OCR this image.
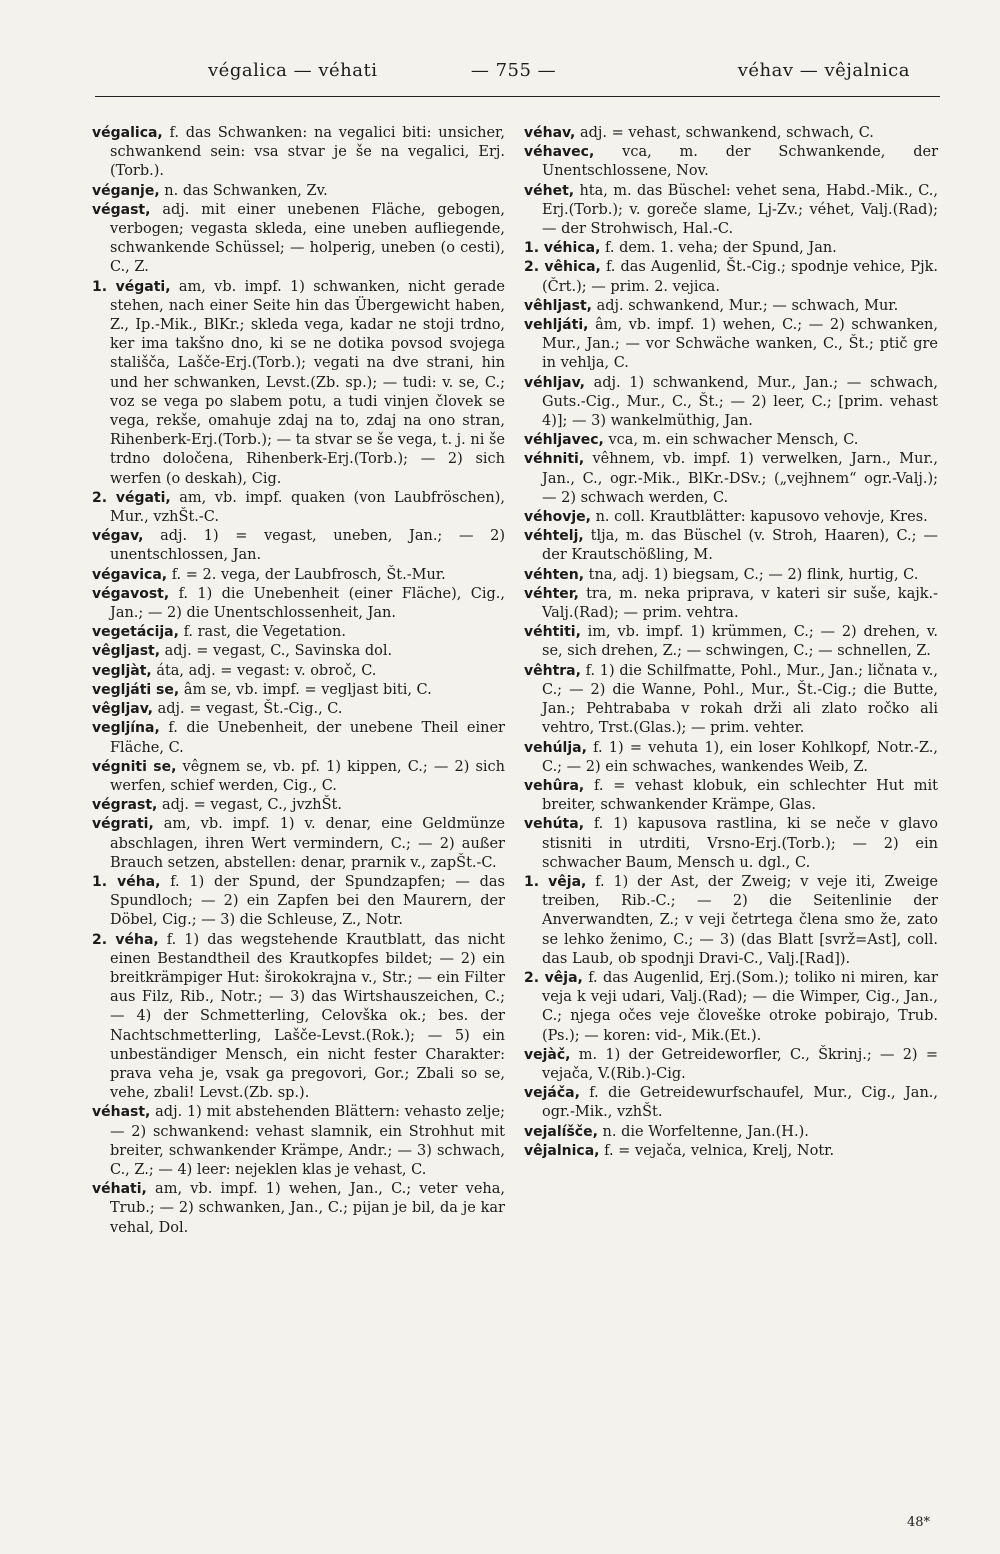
végalica — véhati	— 755 —	véhav — vêjalnica

végalica, f. das Schwanken: na vegalici biti: unsicher, schwankend sein: vsa stvar je še na vegalici, Erj.(Torb.).

véganje, n. das Schwanken, Zv.

végast, adj. mit einer unebenen Fläche, gebogen, verbogen; vegasta skleda, eine uneben aufliegende, schwankende Schüssel; — holperig, uneben (o cesti), C., Z.

1. végati, am, vb. impf. 1) schwanken, nicht gerade stehen, nach einer Seite hin das Übergewicht haben, Z., Ip.-Mik., BlKr.; skleda vega, kadar ne stoji trdno, ker ima takšno dno, ki se ne dotika povsod svojega stališča, Lašče-Erj.(Torb.); vegati na dve strani, hin und her schwanken, Levst.(Zb. sp.); — tudi: v. se, C.; voz se vega po slabem potu, a tudi vinjen človek se vega, rekše, omahuje zdaj na to, zdaj na ono stran, Rihenberk-Erj.(Torb.); — ta stvar se še vega, t. j. ni še trdno določena, Rihenberk-Erj.(Torb.); — 2) sich werfen (o deskah), Cig.

2. végati, am, vb. impf. quaken (von Laubfröschen), Mur., vzhŠt.-C.

végav, adj. 1) = vegast, uneben, Jan.; — 2) unentschlossen, Jan.

végavica, f. = 2. vega, der Laubfrosch, Št.-Mur.

végavost, f. 1) die Unebenheit (einer Fläche), Cig., Jan.; — 2) die Unentschlossenheit, Jan.

vegetácija, f. rast, die Vegetation.

vêgljast, adj. = vegast, C., Savinska dol.

vegljàt, áta, adj. = vegast: v. obroč, C.

vegljáti se, âm se, vb. impf. = vegljast biti, C.

vêgljav, adj. = vegast, Št.-Cig., C.

vegljína, f. die Unebenheit, der unebene Theil einer Fläche, C.

végniti se, vêgnem se, vb. pf. 1) kippen, C.; — 2) sich werfen, schief werden, Cig., C.

végrast, adj. = vegast, C., jvzhŠt.

végrati, am, vb. impf. 1) v. denar, eine Geldmünze abschlagen, ihren Wert vermindern, C.; — 2) außer Brauch setzen, abstellen: denar, prarnik v., zapŠt.-C.

1. véha, f. 1) der Spund, der Spundzapfen; — das Spundloch; — 2) ein Zapfen bei den Maurern, der Döbel, Cig.; — 3) die Schleuse, Z., Notr.

2. véha, f. 1) das wegstehende Krautblatt, das nicht einen Bestandtheil des Krautkopfes bildet; — 2) ein breitkrämpiger Hut: širokokrajna v., Str.; — ein Filter aus Filz, Rib., Notr.; — 3) das Wirtshauszeichen, C.; — 4) der Schmetterling, Celovška ok.; bes. der Nachtschmetterling, Lašče-Levst.(Rok.); — 5) ein unbeständiger Mensch, ein nicht fester Charakter: prava veha je, vsak ga pregovori, Gor.; Zbali so se, vehe, zbali! Levst.(Zb. sp.).

véhast, adj. 1) mit abstehenden Blättern: vehasto zelje; — 2) schwankend: vehast slamnik, ein Strohhut mit breiter, schwankender Krämpe, Andr.; — 3) schwach, C., Z.; — 4) leer: nejeklen klas je vehast, C.

véhati, am, vb. impf. 1) wehen, Jan., C.; veter veha, Trub.; — 2) schwanken, Jan., C.; pijan je bil, da je kar vehal, Dol.

véhav, adj. = vehast, schwankend, schwach, C.

véhavec, vca, m. der Schwankende, der Unentschlossene, Nov.

véhet, hta, m. das Büschel: vehet sena, Habd.-Mik., C., Erj.(Torb.); v. goreče slame, Lj-Zv.; véhet, Valj.(Rad); — der Strohwisch, Hal.-C.

1. véhica, f. dem. 1. veha; der Spund, Jan.

2. vêhica, f. das Augenlid, Št.-Cig.; spodnje vehice, Pjk.(Črt.); — prim. 2. vejica.

vêhljast, adj. schwankend, Mur.; — schwach, Mur.

vehljáti, âm, vb. impf. 1) wehen, C.; — 2) schwanken, Mur., Jan.; — vor Schwäche wanken, C., Št.; ptič gre in vehlja, C.

véhljav, adj. 1) schwankend, Mur., Jan.; — schwach, Guts.-Cig., Mur., C., Št.; — 2) leer, C.; [prim. vehast 4)]; — 3) wankelmüthig, Jan.

véhljavec, vca, m. ein schwacher Mensch, C.

véhniti, vêhnem, vb. impf. 1) verwelken, Jarn., Mur., Jan., C., ogr.-Mik., BlKr.-DSv.; („vejhnem“ ogr.-Valj.); — 2) schwach werden, C.

véhovje, n. coll. Krautblätter: kapusovo vehovje, Kres.

véhtelj, tlja, m. das Büschel (v. Stroh, Haaren), C.; — der Krautschößling, M.

véhten, tna, adj. 1) biegsam, C.; — 2) flink, hurtig, C.

véhter, tra, m. neka priprava, v kateri sir suše, kajk.-Valj.(Rad); — prim. vehtra.

véhtiti, im, vb. impf. 1) krümmen, C.; — 2) drehen, v. se, sich drehen, Z.; — schwingen, C.; — schnellen, Z.

vêhtra, f. 1) die Schilfmatte, Pohl., Mur., Jan.; ličnata v., C.; — 2) die Wanne, Pohl., Mur., Št.-Cig.; die Butte, Jan.; Pehtrababa v rokah drži ali zlato ročko ali vehtro, Trst.(Glas.); — prim. vehter.

vehúlja, f. 1) = vehuta 1), ein loser Kohlkopf, Notr.-Z., C.; — 2) ein schwaches, wankendes Weib, Z.

vehûra, f. = vehast klobuk, ein schlechter Hut mit breiter, schwankender Krämpe, Glas.

vehúta, f. 1) kapusova rastlina, ki se neče v glavo stisniti in utrditi, Vrsno-Erj.(Torb.); — 2) ein schwacher Baum, Mensch u. dgl., C.

1. vêja, f. 1) der Ast, der Zweig; v veje iti, Zweige treiben, Rib.-C.; — 2) die Seitenlinie der Anverwandten, Z.; v veji četrtega člena smo že, zato se lehko ženimo, C.; — 3) (das Blatt [svrž=Ast], coll. das Laub, ob spodnji Dravi-C., Valj.[Rad]).

2. vêja, f. das Augenlid, Erj.(Som.); toliko ni miren, kar veja k veji udari, Valj.(Rad); — die Wimper, Cig., Jan., C.; njega očes veje človeške otroke pobirajo, Trub.(Ps.); — koren: vid-, Mik.(Et.).

vejàč, m. 1) der Getreideworfler, C., Škrinj.; — 2) = vejača, V.(Rib.)-Cig.

vejáča, f. die Getreidewurfschaufel, Mur., Cig., Jan., ogr.-Mik., vzhŠt.

vejalíšče, n. die Worfeltenne, Jan.(H.).

vêjalnica, f. = vejača, velnica, Krelj, Notr.

48*
